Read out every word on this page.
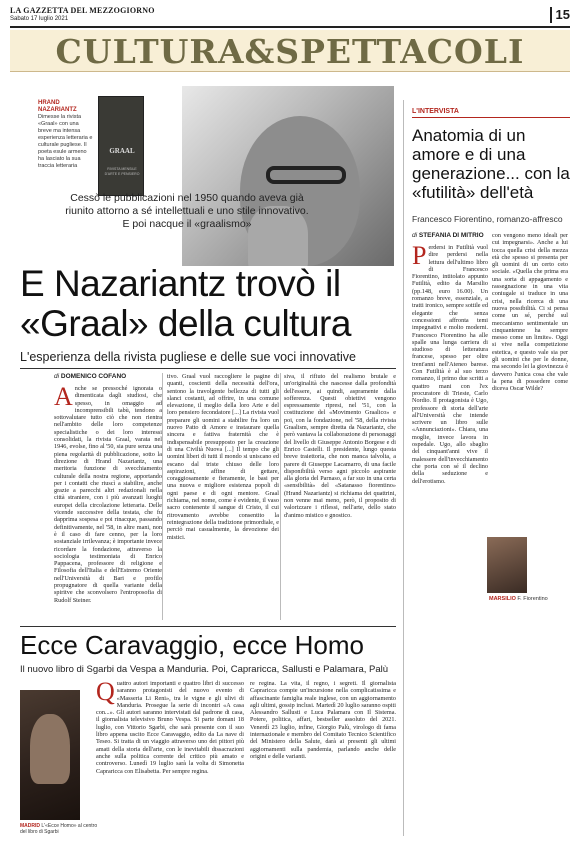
LA GAZZETTA DEL MEZZOGIORNO
Sabato 17 luglio 2021	15
CULTURA&SPETTACOLI
HRAND NAZARIANTZ
Dimesse la rivista «Graal» con una breve ma intensa esperienza letteraria e culturale pugliese. Il poeta esule armeno ha lasciato la sua traccia letteraria
GRAAL
RIVISTA MENSILE D'ARTE E PENSIERO
Cessò le pubblicazioni nel 1950 quando aveva già riunito attorno a sé intellettuali e uno stile innovativo. E poi nacque il «graalismo»
E Nazariantz trovò il «Graal» della cultura
L'esperienza della rivista pugliese e delle sue voci innovative
di DOMENICO COFANO
A nche se pressoché ignorata o dimenticata dagli studiosi, che spesso, in omaggio ad incomprensibili tabù, tendono a sottovalutare tutto ciò che non rientra nell'ambito delle loro competenze specialistiche o dei loro interessi consolidati, la rivista Graal, varata nel 1946, evolse, fino al '50, sia pure senza una piena regolarità di pubblicazione, sotto la direzione di Hrand Nazariantz, una meritoria funzione di svecchiamento culturale della nostra regione, apportando per i contatti che riuscì a stabilire, anche grazie a parecchi altri redazionali nella città straniere, con i più avanzati luoghi europei della circolazione letteraria. Delle vicende successive della testata, che fu dapprima sospesa e poi rinacque, passando definitivamente, nel '58, in altre mani, non è il caso di fare cenno, per la loro sostanziale irrilevanza; è importante invece ricordare la fondazione, attraverso la sociologia testimoniata di Enrico Pappacena, professore di religione e Filosofia dell'Italia e dell'Estremo Oriente nell'Università di Bari e profilo propugnatore di quella variante della spiritve che sconvolsero l'entroposofia di Rudolf Steiner.
tivo. Graal vuol raccogliere le pagine di quanti, coscienti della necessità dell'ora, sentono la travolgente bellezza di tutti gli slanci costanti, ad offrire, in una comune elevazione, il meglio della loro Arte e del loro pensiero fecondatore [...] La rivista vuol preparare gli uomini a stabilire fra loro un nuovo Patto di Amore e instaurare quella sincera e fattiva fraternità che è indispensabile presupposto per la creazione di una Civiltà Nuova [...] Il tempo che gli uomini liberi di tutti il mondo si uniscano ed escano dal triste chiuso delle loro aspirazioni, affine di gettare, coraggiosamente e fieramente, le basi per una nuova e migliore esistenza popoli di ogni paese e di ogni mentore. Graal richiama, nel nome, come è evidente, il vaso sacro contenente il sangue di Cristo, il cui ritrovamento avrebbe consentito la reintegrazione della tradizione primordiale, e perciò mai casualmente, la devozione dei mistici.
siva, il rifiuto del realismo brutale e un'originalità che nascesse dalla profondità dell'essere, ai quindi, aspramente dalla sofferenza. Questi obiettivi vengono espressamente ripresi, nel '51, con la costituzione del «Movimento Graalico» e poi, con la fondazione, nel '58, della rivista Graalism, sempre diretta da Nazariantz, che però vantava la collaborazione di personaggi del livello di Giuseppe Antonio Borgese e di Enrico Castelli. Il presidente, lungo questa breve traiettoria, che non manca talvolta, a parere di Giuseppe Lacamarro, di una facile disponibilità verso agni piccolo aspirante alla gloria del Parnaso, a far suo in una certa «sensibilità» del «Satanasso fiorentino» (Hrand Nazariantz) si richiama dei quattrini, non venne mai meno, però, il proposito di valorizzare i riflessi, nell'arte, dello stato d'animo mistico e gnostico.
Ecce Caravaggio, ecce Homo
Il nuovo libro di Sgarbi da Vespa a Manduria. Poi, Capraricca, Sallusti e Palamara, Palù
MADRID L'«Ecce Homo» al centro del libro di Sgarbi
Q uattro autori importanti e quattro libri di successo saranno protagonisti del nuovo evento di «Masseria Li Reni», tra le vigne e gli ulivi di Manduria. Prosegue la serie di incontri «A casa con...». Gli autori saranno intervistati dal padrone di casa, il giornalista televisivo Bruno Vespa. Si parte domani 18 luglio, con Vittorio Sgarbi, che sarà presente con il suo libro appena uscito Ecce Caravaggio, edito da La nave di Teseo. Si tratta di un viaggio attraverso uno dei pittori più amati della storia dell'arte, con le inevitabili dissacrazioni anche sulla politica corrente del critico più amato e controverso. Lunedì 19 luglio sarà la volta di Simonetta Capraricca con Elisabetta. Per sempre regina.
re regina. La vita, il regno, i segreti. Il giornalista Capraricca compie un'incursione nella complicatissima e affascinante famiglia reale inglese, con un aggiornamento agli ultimi, gossip inclusi. Martedì 20 luglio saranno ospiti Alessandro Sallusti e Luca Palamara con Il Sistema. Potere, politica, affari, bestseller assoluto del 2021. Venerdì 23 luglio, infine, Giorgio Palù, virologo di fama internazionale e membro del Comitato Tecnico Scientifico del Ministero della Salute, darà ai presenti gli ultimi aggiornamenti sulla pandemia, parlando anche delle origini e delle varianti.
L'INTERVISTA
Anatomia di un amore e di una generazione... con la «futilità» dell'età
Francesco Fiorentino, romanzo-affresco
di STEFANIA DI MITRIO
P erdersi in Futilità vuol dire perdersi nella lettura dell'ultimo libro di Francesco Fiorentino, intitolato appunto Futilità, edito da Marsilio (pp.148, euro 16.00). Un romanzo breve, essenziale, a tratti ironico, sempre sottile ed elegante che senza concessioni affronta temi impegnativi e molto moderni. Francesco Fiorentino ha alle spalle una lunga carriera di studioso di letteratura francese, spesso per oltre trent'anni nell'Ateneo barese. Con Futilità è al suo terzo romanzo, il primo due scritti a quattro mani con l'ex procuratore di Trieste, Carlo Nordio. Il protagonista è Ugo, professore di storia dell'arte all'Università che intende scrivere un libro sulle «Annunciazioni». Chiara, una moglie, invece lavora in ospedale. Ugo, allo sbaglio del cinquant'anni vive il malessere dell'invecchiamento che porta con sé il declino della seduzione e dell'erotismo.
con vengono meno ideali per cui impegnarsi». Anche a lui tocca quella crisi della mezza età che spesso si presenta per gli uomini di un certo ceto sociale. «Quella che prima era una sorta di appagamento e rassegnazione in una vita coniugale si traduce in una crisi, nella ricerca di una nuova possibilità. Ci si pensa come un sé, perché sul meccanismo sentimentale un cinquantenne ha sempre messo come un limite». Oggi si vive nella competizione estetica, e questo vale sia per gli uomini che per le donne, ma secondo lei la giovinezza è davvero l'unica cosa che vale la pena di possedere come diceva Oscar Wilde?
MARSILIO F. Fiorentino
